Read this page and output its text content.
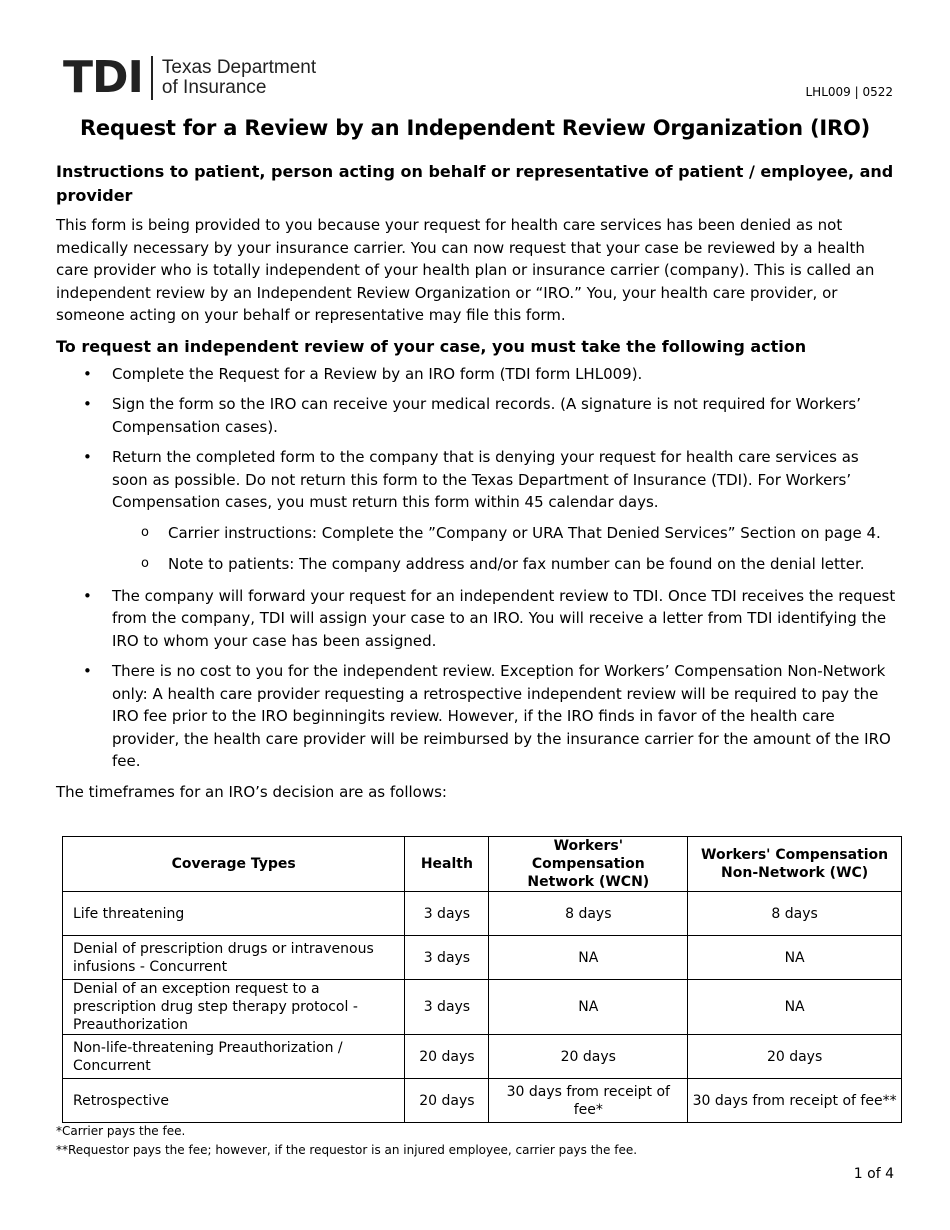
TDI Texas Department
of Insurance	LHL009 | 0522
Request for a Review by an Independent Review Organization (IRO)

Instructions to patient, person acting on behalf or representative of patient / employee, and provider

This form is being provided to you because your request for health care services has been denied as not medically necessary by your insurance carrier. You can now request that your case be reviewed by a health care provider who is totally independent of your health plan or insurance carrier (company). This is called an independent review by an Independent Review Organization or “IRO.” You, your health care provider, or someone acting on your behalf or representative may file this form.

To request an independent review of your case, you must take the following action

• Complete the Request for a Review by an IRO form (TDI form LHL009).
• Sign the form so the IRO can receive your medical records. (A signature is not required for Workers’ Compensation cases).
• Return the completed form to the company that is denying your request for health care services as soon as possible. Do not return this form to the Texas Department of Insurance (TDI). For Workers’ Compensation cases, you must return this form within 45 calendar days.
o Carrier instructions: Complete the ”Company or URA That Denied Services” Section on page 4.
o Note to patients: The company address and/or fax number can be found on the denial letter.
• The company will forward your request for an independent review to TDI. Once TDI receives the request from the company, TDI will assign your case to an IRO. You will receive a letter from TDI identifying the IRO to whom your case has been assigned.
• There is no cost to you for the independent review. Exception for Workers’ Compensation Non-Network only: A health care provider requesting a retrospective independent review will be required to pay the IRO fee prior to the IRO beginningits review. However, if the IRO finds in favor of the health care provider, the health care provider will be reimbursed by the insurance carrier for the amount of the IRO fee.

The timeframes for an IRO’s decision are as follows:

Coverage Types	Health	Workers' Compensation Network (WCN)	Workers' Compensation Non-Network (WC)
Life threatening	3 days	8 days	8 days
Denial of prescription drugs or intravenous infusions - Concurrent	3 days	NA	NA
Denial of an exception request to a prescription drug step therapy protocol - Preauthorization	3 days	NA	NA
Non-life-threatening Preauthorization / Concurrent	20 days	20 days	20 days
Retrospective	20 days	30 days from receipt of fee*	30 days from receipt of fee**
*Carrier pays the fee.
**Requestor pays the fee; however, if the requestor is an injured employee, carrier pays the fee.
1 of 4
